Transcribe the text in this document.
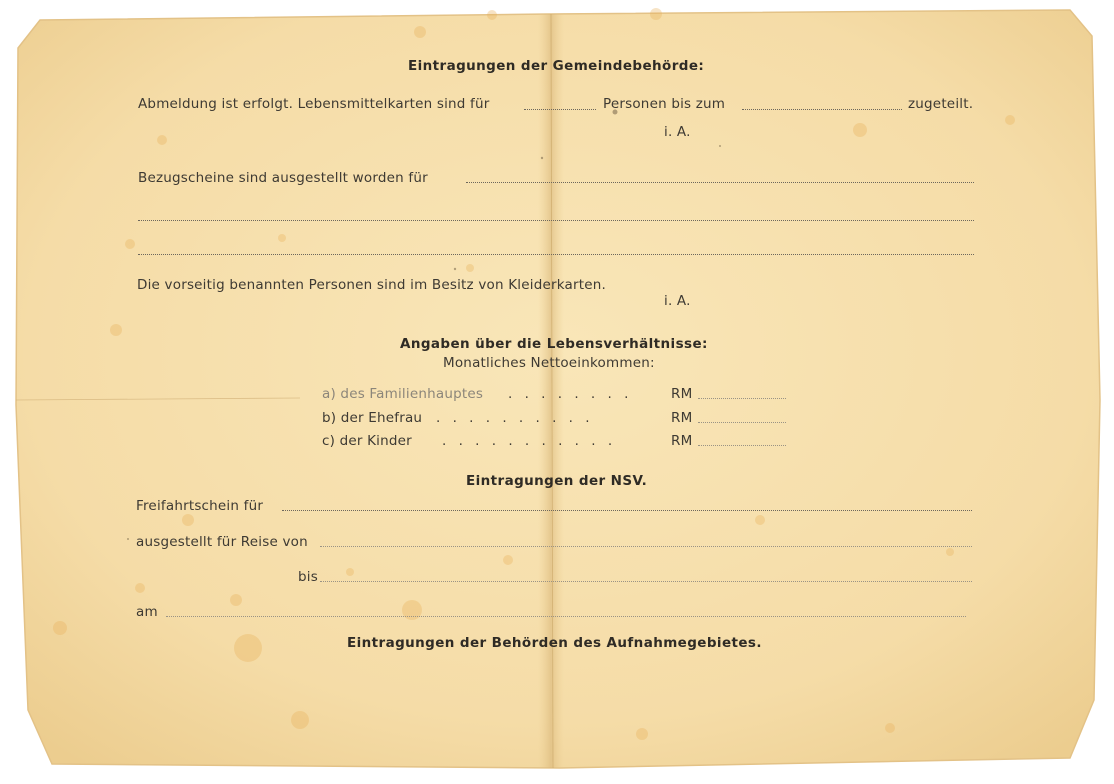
Eintragungen der Gemeindebehörde:
Abmeldung ist erfolgt. Lebensmittelkarten sind für	Personen bis zum	zugeteilt.
i. A.
Bezugscheine sind ausgestellt worden für
Die vorseitig benannten Personen sind im Besitz von Kleiderkarten.
i. A.
Angaben über die Lebensverhältnisse:
Monatliches Nettoeinkommen:
a) des Familienhauptes . . . . . . . .	RM
b) der Ehefrau . . . . . . . . . .	RM
c) der Kinder . . . . . . . . . . .	RM
Eintragungen der NSV.
Freifahrtschein für
ausgestellt für Reise von
bis
am
Eintragungen der Behörden des Aufnahmegebietes.
